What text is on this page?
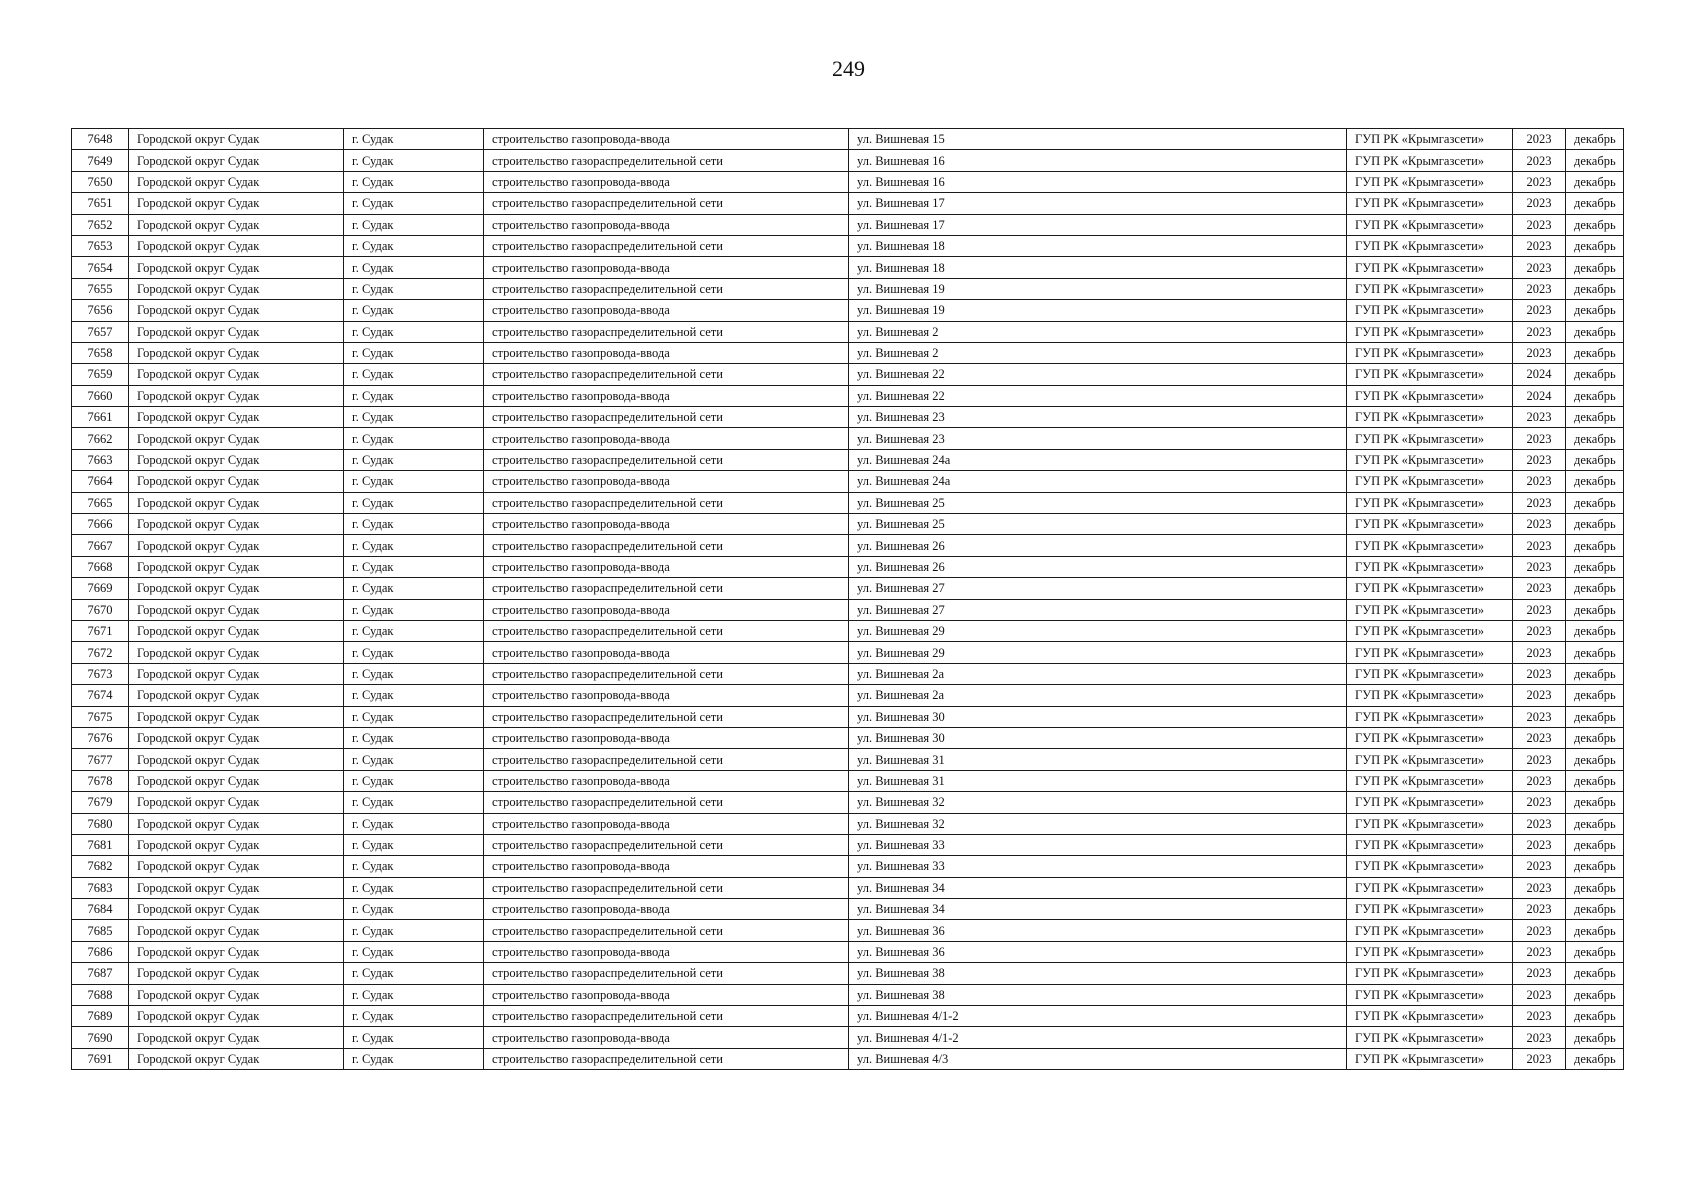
249
7648	Городской округ Судак	г. Судак	строительство газопровода-ввода	ул. Вишневая 15	ГУП РК «Крымгазсети»	2023	декабрь
7649	Городской округ Судак	г. Судак	строительство газораспределительной сети	ул. Вишневая 16	ГУП РК «Крымгазсети»	2023	декабрь
7650	Городской округ Судак	г. Судак	строительство газопровода-ввода	ул. Вишневая 16	ГУП РК «Крымгазсети»	2023	декабрь
7651	Городской округ Судак	г. Судак	строительство газораспределительной сети	ул. Вишневая 17	ГУП РК «Крымгазсети»	2023	декабрь
7652	Городской округ Судак	г. Судак	строительство газопровода-ввода	ул. Вишневая 17	ГУП РК «Крымгазсети»	2023	декабрь
7653	Городской округ Судак	г. Судак	строительство газораспределительной сети	ул. Вишневая 18	ГУП РК «Крымгазсети»	2023	декабрь
7654	Городской округ Судак	г. Судак	строительство газопровода-ввода	ул. Вишневая 18	ГУП РК «Крымгазсети»	2023	декабрь
7655	Городской округ Судак	г. Судак	строительство газораспределительной сети	ул. Вишневая 19	ГУП РК «Крымгазсети»	2023	декабрь
7656	Городской округ Судак	г. Судак	строительство газопровода-ввода	ул. Вишневая 19	ГУП РК «Крымгазсети»	2023	декабрь
7657	Городской округ Судак	г. Судак	строительство газораспределительной сети	ул. Вишневая 2	ГУП РК «Крымгазсети»	2023	декабрь
7658	Городской округ Судак	г. Судак	строительство газопровода-ввода	ул. Вишневая 2	ГУП РК «Крымгазсети»	2023	декабрь
7659	Городской округ Судак	г. Судак	строительство газораспределительной сети	ул. Вишневая 22	ГУП РК «Крымгазсети»	2024	декабрь
7660	Городской округ Судак	г. Судак	строительство газопровода-ввода	ул. Вишневая 22	ГУП РК «Крымгазсети»	2024	декабрь
7661	Городской округ Судак	г. Судак	строительство газораспределительной сети	ул. Вишневая 23	ГУП РК «Крымгазсети»	2023	декабрь
7662	Городской округ Судак	г. Судак	строительство газопровода-ввода	ул. Вишневая 23	ГУП РК «Крымгазсети»	2023	декабрь
7663	Городской округ Судак	г. Судак	строительство газораспределительной сети	ул. Вишневая 24а	ГУП РК «Крымгазсети»	2023	декабрь
7664	Городской округ Судак	г. Судак	строительство газопровода-ввода	ул. Вишневая 24а	ГУП РК «Крымгазсети»	2023	декабрь
7665	Городской округ Судак	г. Судак	строительство газораспределительной сети	ул. Вишневая 25	ГУП РК «Крымгазсети»	2023	декабрь
7666	Городской округ Судак	г. Судак	строительство газопровода-ввода	ул. Вишневая 25	ГУП РК «Крымгазсети»	2023	декабрь
7667	Городской округ Судак	г. Судак	строительство газораспределительной сети	ул. Вишневая 26	ГУП РК «Крымгазсети»	2023	декабрь
7668	Городской округ Судак	г. Судак	строительство газопровода-ввода	ул. Вишневая 26	ГУП РК «Крымгазсети»	2023	декабрь
7669	Городской округ Судак	г. Судак	строительство газораспределительной сети	ул. Вишневая 27	ГУП РК «Крымгазсети»	2023	декабрь
7670	Городской округ Судак	г. Судак	строительство газопровода-ввода	ул. Вишневая 27	ГУП РК «Крымгазсети»	2023	декабрь
7671	Городской округ Судак	г. Судак	строительство газораспределительной сети	ул. Вишневая 29	ГУП РК «Крымгазсети»	2023	декабрь
7672	Городской округ Судак	г. Судак	строительство газопровода-ввода	ул. Вишневая 29	ГУП РК «Крымгазсети»	2023	декабрь
7673	Городской округ Судак	г. Судак	строительство газораспределительной сети	ул. Вишневая 2а	ГУП РК «Крымгазсети»	2023	декабрь
7674	Городской округ Судак	г. Судак	строительство газопровода-ввода	ул. Вишневая 2а	ГУП РК «Крымгазсети»	2023	декабрь
7675	Городской округ Судак	г. Судак	строительство газораспределительной сети	ул. Вишневая 30	ГУП РК «Крымгазсети»	2023	декабрь
7676	Городской округ Судак	г. Судак	строительство газопровода-ввода	ул. Вишневая 30	ГУП РК «Крымгазсети»	2023	декабрь
7677	Городской округ Судак	г. Судак	строительство газораспределительной сети	ул. Вишневая 31	ГУП РК «Крымгазсети»	2023	декабрь
7678	Городской округ Судак	г. Судак	строительство газопровода-ввода	ул. Вишневая 31	ГУП РК «Крымгазсети»	2023	декабрь
7679	Городской округ Судак	г. Судак	строительство газораспределительной сети	ул. Вишневая 32	ГУП РК «Крымгазсети»	2023	декабрь
7680	Городской округ Судак	г. Судак	строительство газопровода-ввода	ул. Вишневая 32	ГУП РК «Крымгазсети»	2023	декабрь
7681	Городской округ Судак	г. Судак	строительство газораспределительной сети	ул. Вишневая 33	ГУП РК «Крымгазсети»	2023	декабрь
7682	Городской округ Судак	г. Судак	строительство газопровода-ввода	ул. Вишневая 33	ГУП РК «Крымгазсети»	2023	декабрь
7683	Городской округ Судак	г. Судак	строительство газораспределительной сети	ул. Вишневая 34	ГУП РК «Крымгазсети»	2023	декабрь
7684	Городской округ Судак	г. Судак	строительство газопровода-ввода	ул. Вишневая 34	ГУП РК «Крымгазсети»	2023	декабрь
7685	Городской округ Судак	г. Судак	строительство газораспределительной сети	ул. Вишневая 36	ГУП РК «Крымгазсети»	2023	декабрь
7686	Городской округ Судак	г. Судак	строительство газопровода-ввода	ул. Вишневая 36	ГУП РК «Крымгазсети»	2023	декабрь
7687	Городской округ Судак	г. Судак	строительство газораспределительной сети	ул. Вишневая 38	ГУП РК «Крымгазсети»	2023	декабрь
7688	Городской округ Судак	г. Судак	строительство газопровода-ввода	ул. Вишневая 38	ГУП РК «Крымгазсети»	2023	декабрь
7689	Городской округ Судак	г. Судак	строительство газораспределительной сети	ул. Вишневая 4/1-2	ГУП РК «Крымгазсети»	2023	декабрь
7690	Городской округ Судак	г. Судак	строительство газопровода-ввода	ул. Вишневая 4/1-2	ГУП РК «Крымгазсети»	2023	декабрь
7691	Городской округ Судак	г. Судак	строительство газораспределительной сети	ул. Вишневая 4/3	ГУП РК «Крымгазсети»	2023	декабрь
